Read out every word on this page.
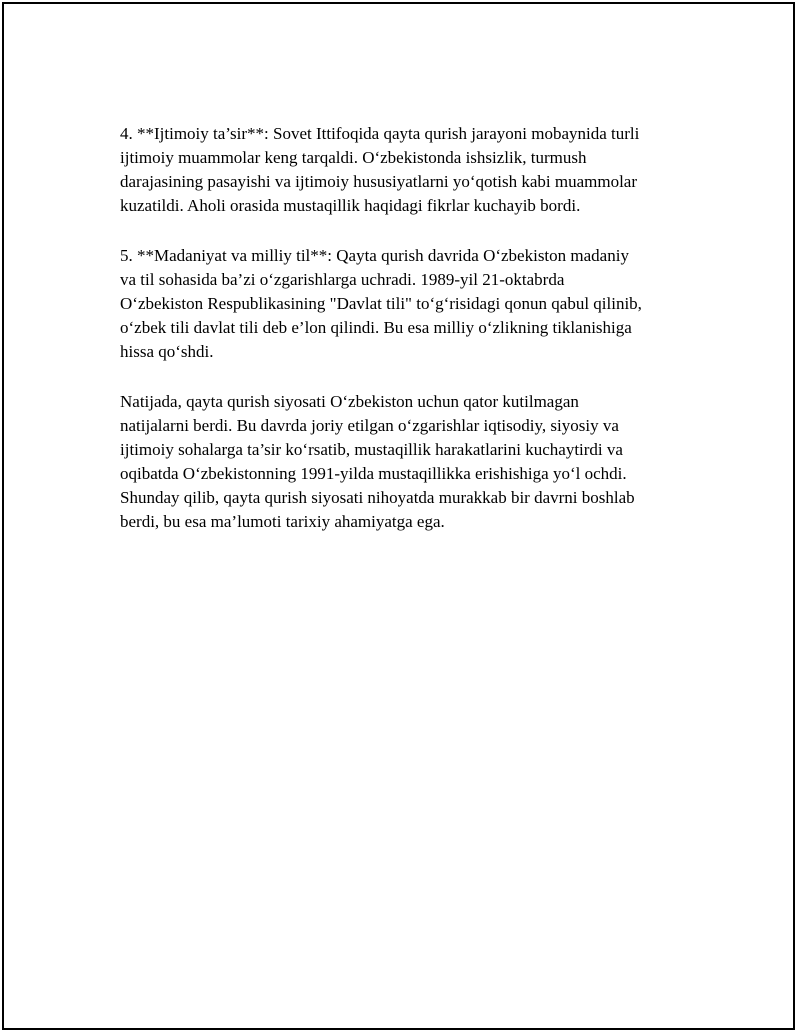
4. **Ijtimoiy ta’sir**: Sovet Ittifoqida qayta qurish jarayoni mobaynida turli
ijtimoiy muammolar keng tarqaldi. O‘zbekistonda ishsizlik, turmush
darajasining pasayishi va ijtimoiy hususiyatlarni yo‘qotish kabi muammolar
kuzatildi. Aholi orasida mustaqillik haqidagi fikrlar kuchayib bordi.

5. **Madaniyat va milliy til**: Qayta qurish davrida O‘zbekiston madaniy
va til sohasida ba’zi o‘zgarishlarga uchradi. 1989-yil 21-oktabrda
O‘zbekiston Respublikasining "Davlat tili" to‘g‘risidagi qonun qabul qilinib,
o‘zbek tili davlat tili deb e’lon qilindi. Bu esa milliy o‘zlikning tiklanishiga
hissa qo‘shdi.

Natijada, qayta qurish siyosati O‘zbekiston uchun qator kutilmagan
natijalarni berdi. Bu davrda joriy etilgan o‘zgarishlar iqtisodiy, siyosiy va
ijtimoiy sohalarga ta’sir ko‘rsatib, mustaqillik harakatlarini kuchaytirdi va
oqibatda O‘zbekistonning 1991-yilda mustaqillikka erishishiga yo‘l ochdi.
Shunday qilib, qayta qurish siyosati nihoyatda murakkab bir davrni boshlab
berdi, bu esa ma’lumoti tarixiy ahamiyatga ega.
